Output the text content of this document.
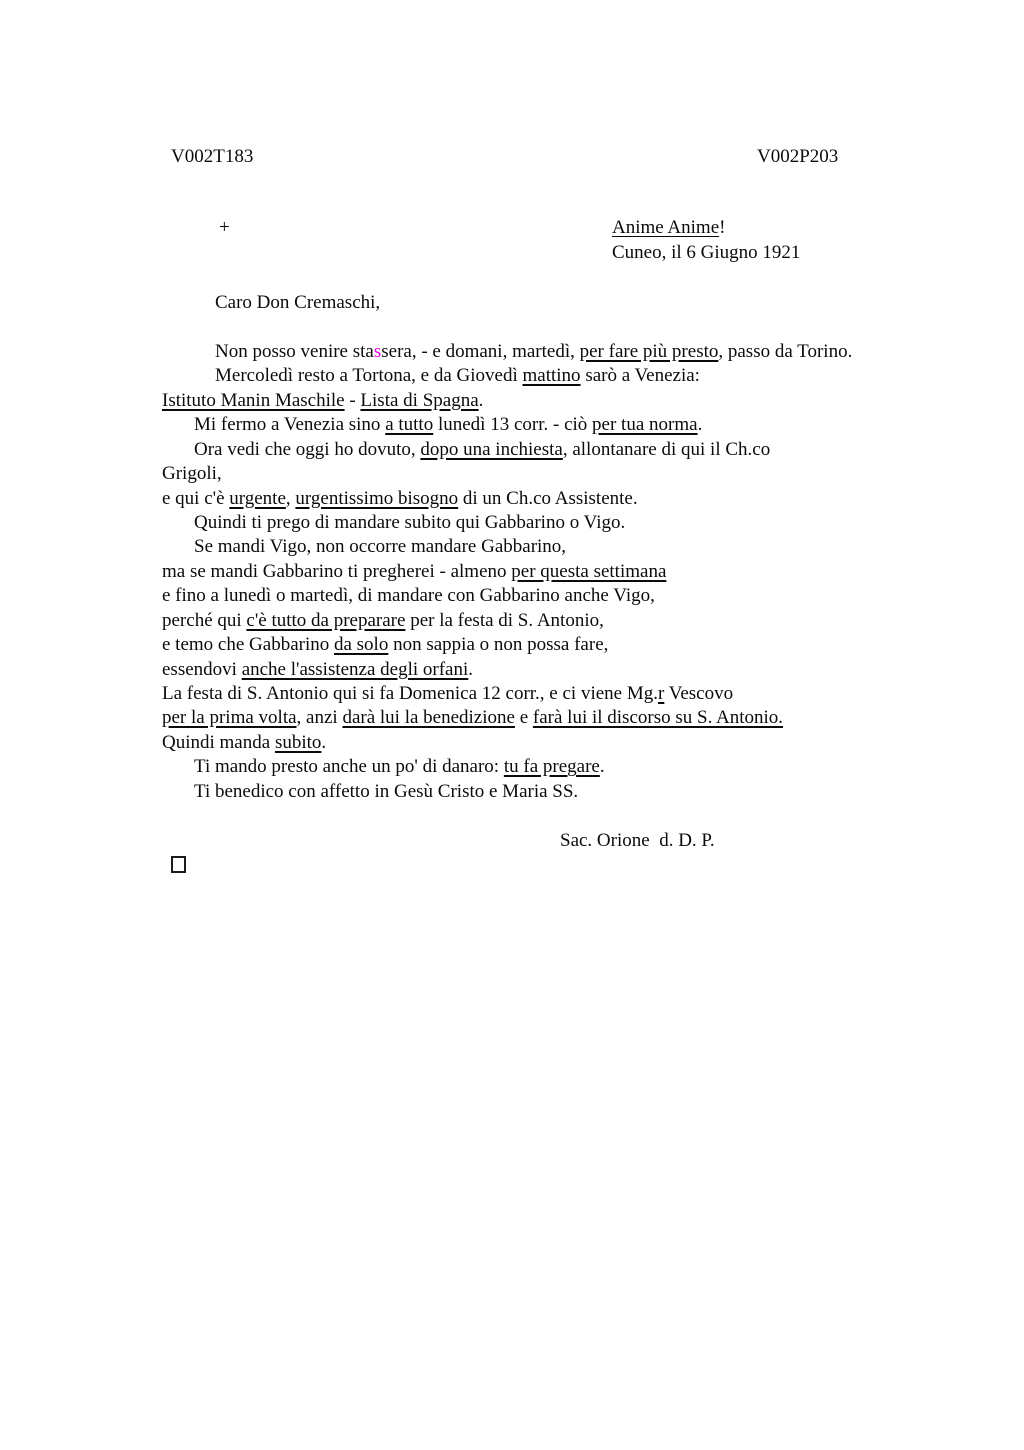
V002T183	V002P203
+	Anime Anime!
Cuneo, il 6 Giugno 1921
Caro Don Cremaschi,
Non posso venire stassera, - e domani, martedì, per fare più presto, passo da Torino.
Mercoledì resto a Tortona, e da Giovedì mattino sarò a Venezia:
Istituto Manin Maschile - Lista di Spagna.
Mi fermo a Venezia sino a tutto lunedì 13 corr. - ciò per tua norma.
Ora vedi che oggi ho dovuto, dopo una inchiesta, allontanare di qui il Ch.co
Grigoli,
e qui c'è urgente, urgentissimo bisogno di un Ch.co Assistente.
Quindi ti prego di mandare subito qui Gabbarino o Vigo.
Se mandi Vigo, non occorre mandare Gabbarino,
ma se mandi Gabbarino ti pregherei - almeno per questa settimana
e fino a lunedì o martedì, di mandare con Gabbarino anche Vigo,
perché qui c'è tutto da preparare per la festa di S. Antonio,
e temo che Gabbarino da solo non sappia o non possa fare,
essendovi anche l'assistenza degli orfani.
La festa di S. Antonio qui si fa Domenica 12 corr., e ci viene Mg.r Vescovo
per la prima volta, anzi darà lui la benedizione e farà lui il discorso su S. Antonio.
Quindi manda subito.
Ti mando presto anche un po' di danaro: tu fa pregare.
Ti benedico con affetto in Gesù Cristo e Maria SS.
Sac. Orione  d. D. P.
